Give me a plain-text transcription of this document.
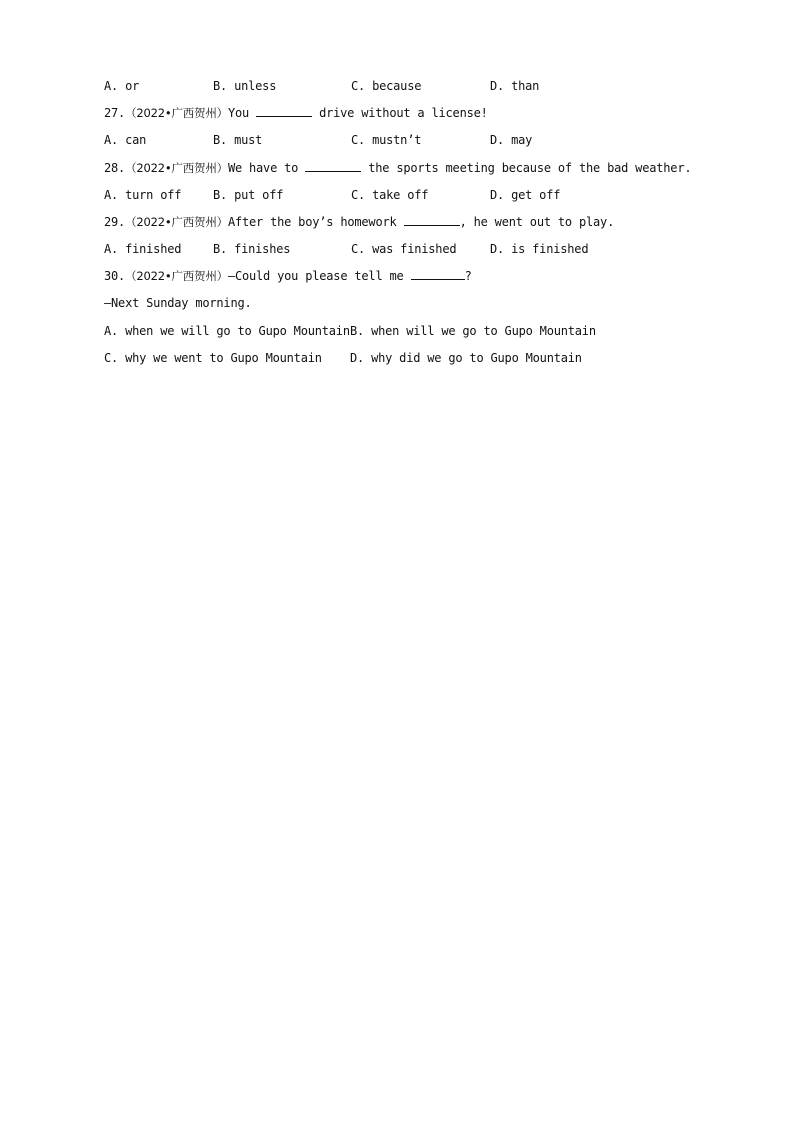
A. or

	B. unless

	C. because

	D. than

27.（2022•广西贺州）You	drive without a license!

A. can

	B. must

	C. mustn’t

	D. may

28.（2022•广西贺州）We have to	the sports meeting because of the bad weather.

A. turn off

	B. put off

	C. take off

	D. get off

29.（2022•广西贺州）After the boy’s homework	, he went out to play.

A. finished

	B. finishes

	C. was finished

	D. is finished

30.（2022•广西贺州）—Could you please tell me	?
—Next Sunday morning.

A. when we will go to Gupo Mountain

B. when will we go to Gupo Mountain

C. why we went to Gupo Mountain

D. why did we go to Gupo Mountain
